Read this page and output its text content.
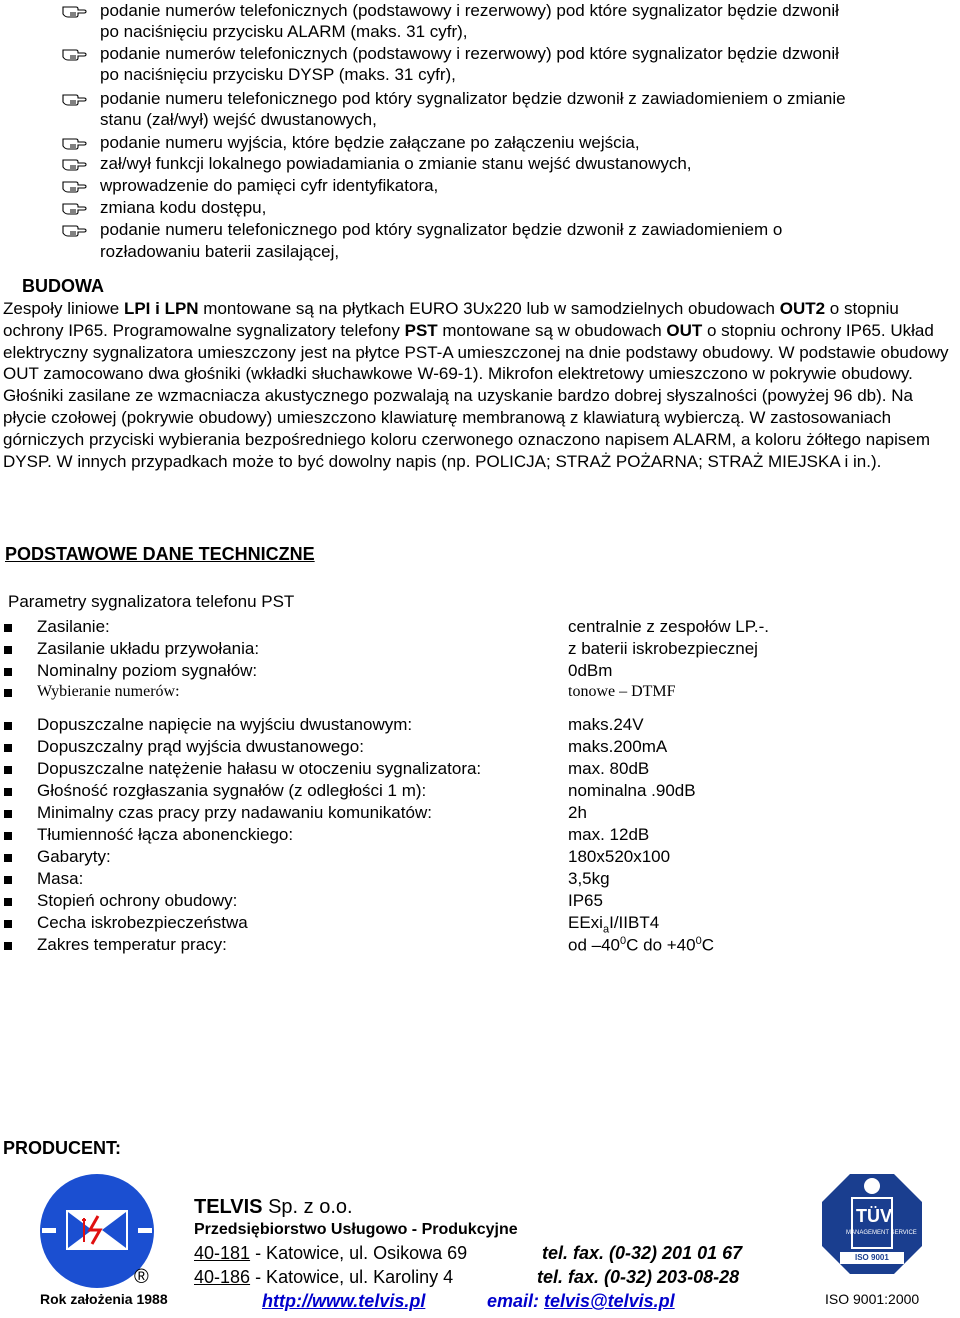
podanie numerów telefonicznych (podstawowy i rezerwowy) pod które sygnalizator będzie dzwonił
po naciśnięciu przycisku ALARM (maks. 31 cyfr),
podanie numerów telefonicznych (podstawowy i rezerwowy) pod które sygnalizator będzie dzwonił
po naciśnięciu przycisku DYSP (maks. 31 cyfr),
podanie numeru telefonicznego pod który sygnalizator będzie dzwonił z zawiadomieniem o zmianie
stanu (zał/wył) wejść dwustanowych,
podanie numeru wyjścia, które będzie załączane po załączeniu wejścia,
zał/wył funkcji lokalnego powiadamiania o zmianie stanu wejść dwustanowych,
wprowadzenie do pamięci cyfr identyfikatora,
zmiana kodu dostępu,
podanie numeru telefonicznego pod który sygnalizator będzie dzwonił z zawiadomieniem o
rozładowaniu baterii zasilającej,
BUDOWA
Zespoły liniowe LPI i LPN montowane są na płytkach EURO 3Ux220 lub w samodzielnych obudowach OUT2 o stopniu ochrony IP65. Programowalne sygnalizatory telefony PST montowane są w obudowach OUT o stopniu ochrony IP65. Układ elektryczny sygnalizatora umieszczony jest na płytce PST-A umieszczonej na dnie podstawy obudowy. W podstawie obudowy OUT zamocowano dwa głośniki (wkładki słuchawkowe W-69-1). Mikrofon elektretowy umieszczono w pokrywie obudowy. Głośniki zasilane ze wzmacniacza akustycznego pozwalają na uzyskanie bardzo dobrej słyszalności (powyżej 96 db). Na płycie czołowej (pokrywie obudowy) umieszczono klawiaturę membranową z klawiaturą wybierczą. W zastosowaniach górniczych przyciski wybierania bezpośredniego koloru czerwonego oznaczono napisem ALARM, a koloru żółtego napisem DYSP. W innych przypadkach może to być dowolny napis (np. POLICJA; STRAŻ POŻARNA; STRAŻ MIEJSKA i in.).
PODSTAWOWE DANE TECHNICZNE
Parametry sygnalizatora telefonu PST
Zasilanie:	centralnie z zespołów LP.-.
Zasilanie układu przywołania:	z baterii iskrobezpiecznej
Nominalny poziom sygnałów:	0dBm
Wybieranie numerów:	tonowe – DTMF
Dopuszczalne napięcie na wyjściu dwustanowym:	maks.24V
Dopuszczalny prąd wyjścia dwustanowego:	maks.200mA
Dopuszczalne natężenie hałasu w otoczeniu sygnalizatora:	max. 80dB
Głośność rozgłaszania sygnałów (z odległości 1 m):	nominalna .90dB
Minimalny czas pracy przy nadawaniu komunikatów:	2h
Tłumienność łącza abonenckiego:	max. 12dB
Gabaryty:	180x520x100
Masa:	3,5kg
Stopień ochrony obudowy:	IP65
Cecha iskrobezpieczeństwa	EExi$_a$I/IIBT4
Zakres temperatur pracy:	od $-40^0C$ do $+40^0C$
PRODUCENT:
®
Rok założenia 1988
TELVIS Sp. z o.o.
Przedsiębiorstwo Usługowo - Produkcyjne
40-181 - Katowice, ul. Osikowa 69	tel. fax. (0-32) 201 01 67
40-186 - Katowice, ul. Karoliny 4	tel. fax. (0-32) 203-08-28
http://www.telvis.pl	email: telvis@telvis.pl
TÜV
MANAGEMENT SERVICE
ISO 9001
ISO 9001:2000
